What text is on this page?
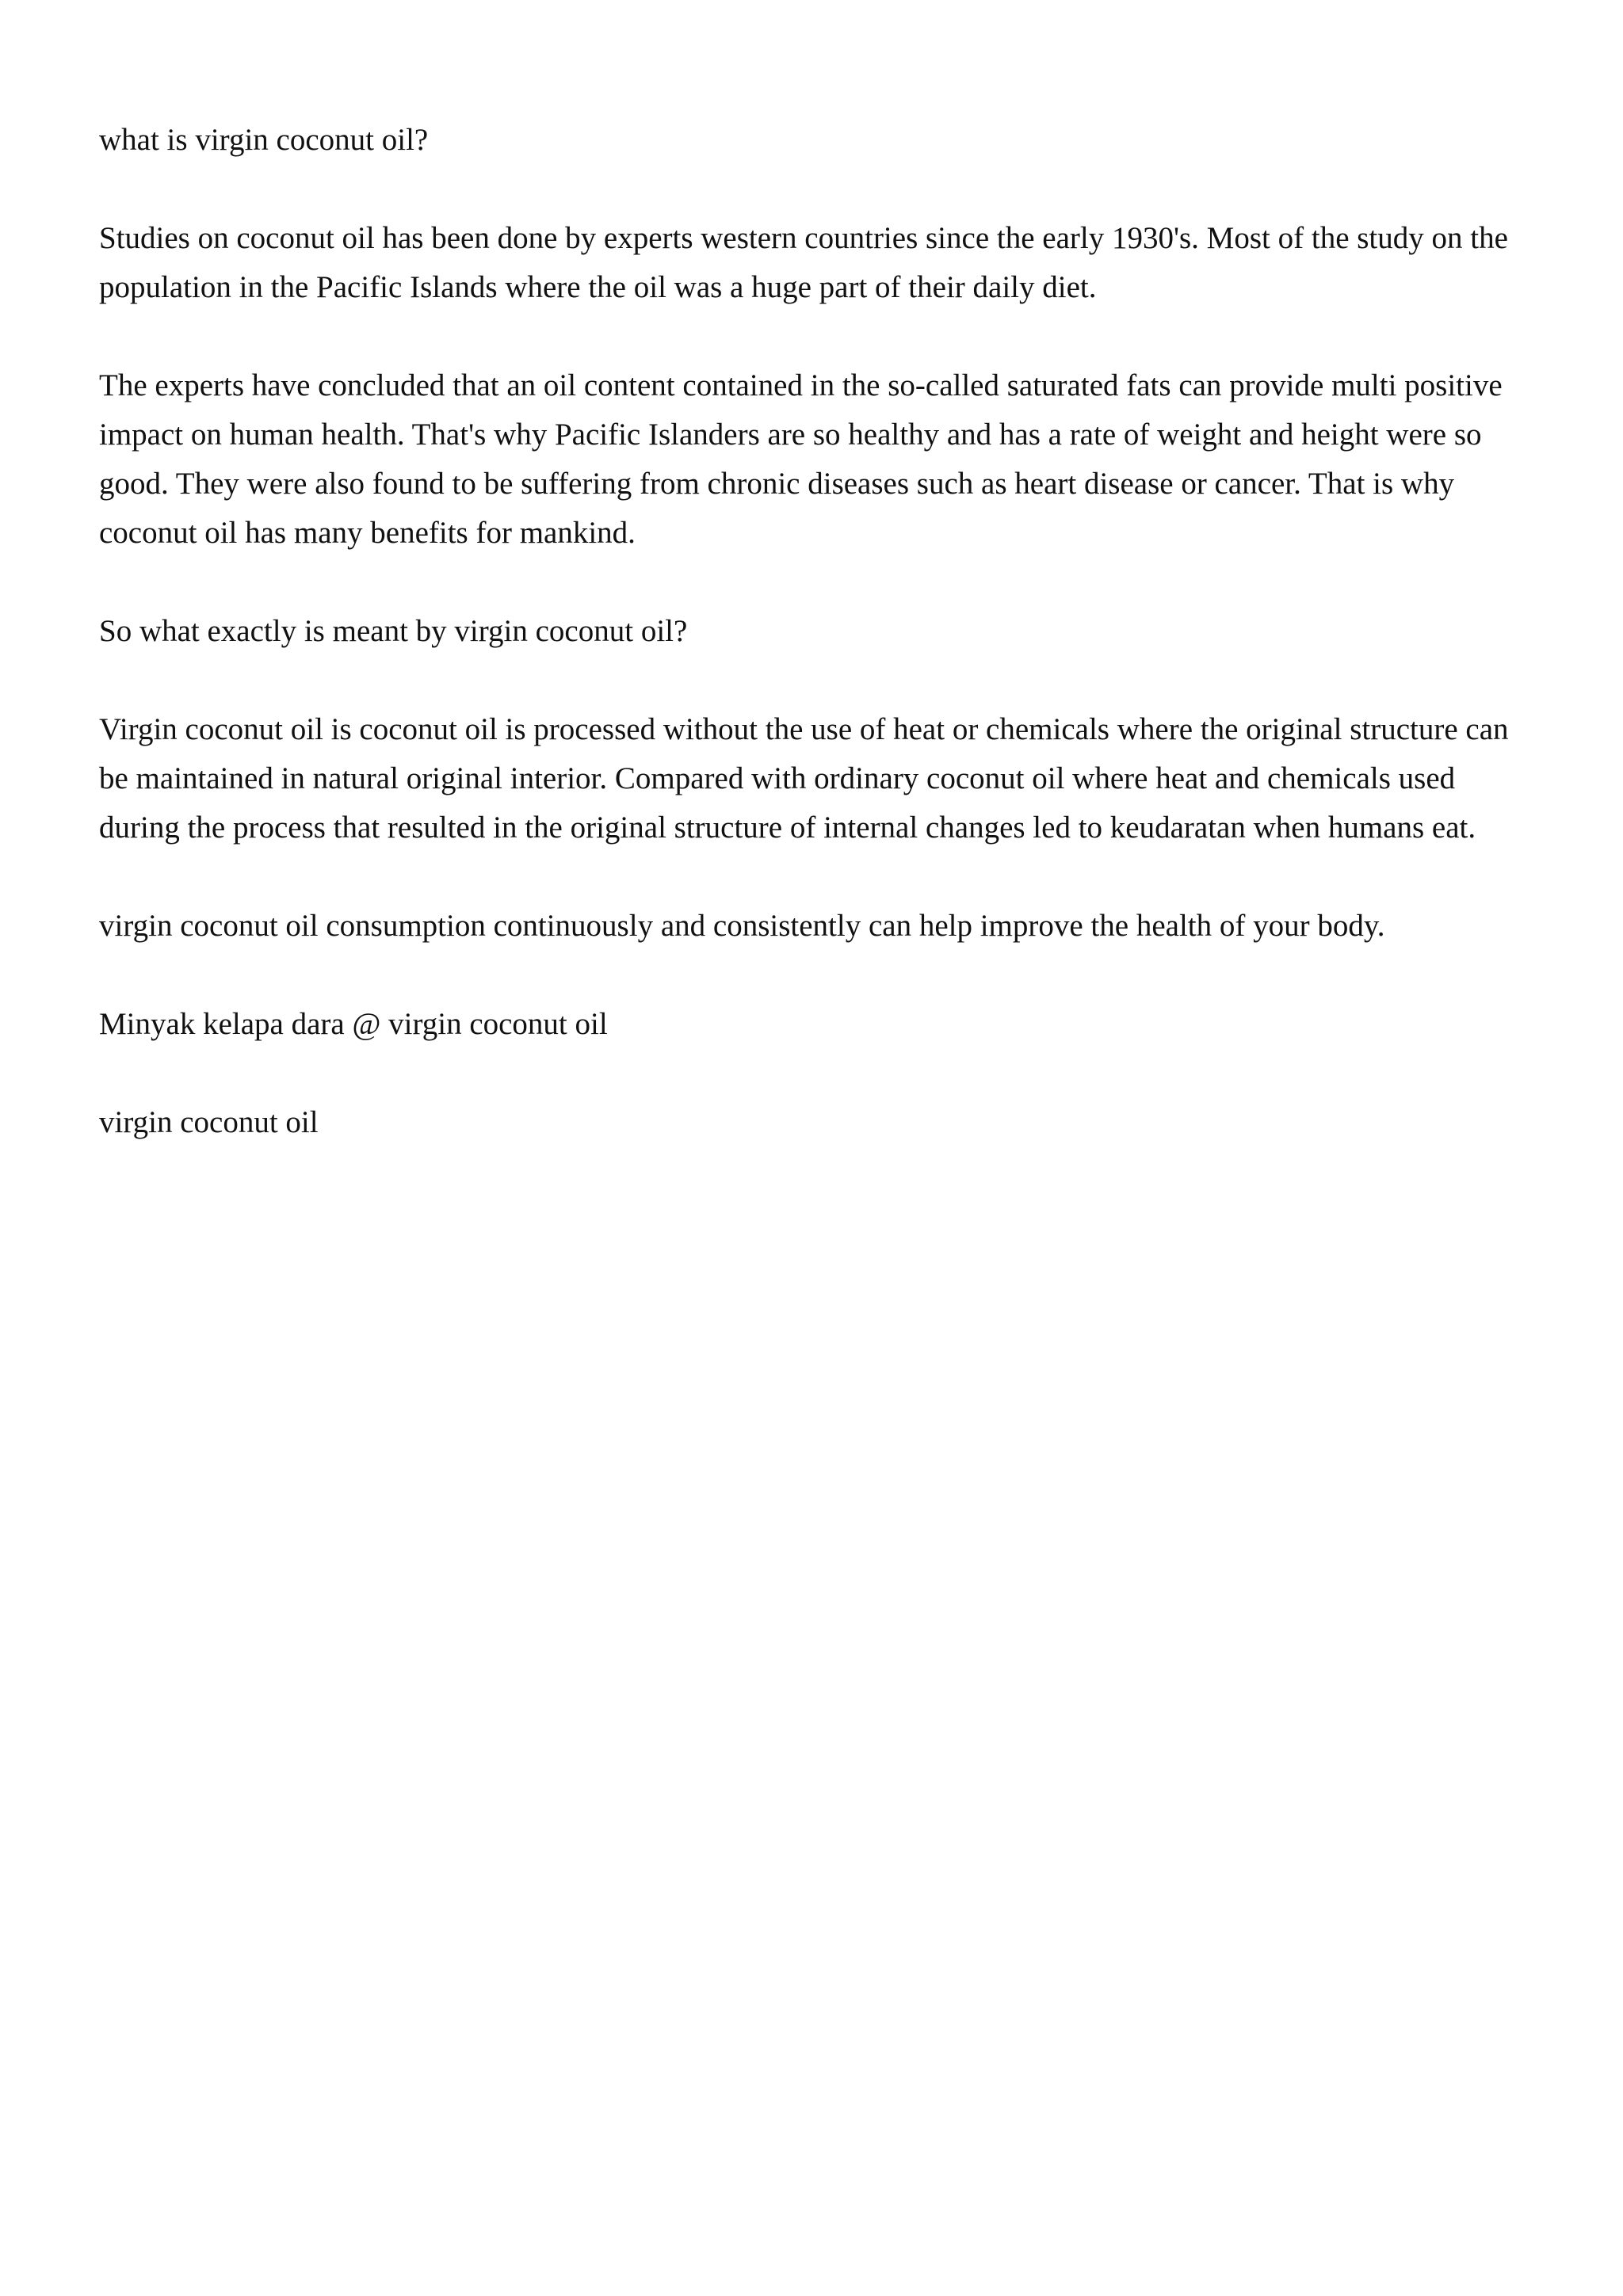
what is virgin coconut oil?

Studies on coconut oil has been done by experts western countries since the early 1930's. Most of the study on the population in the Pacific Islands where the oil was a huge part of their daily diet.

The experts have concluded that an oil content contained in the so-called saturated fats can provide multi positive impact on human health. That's why Pacific Islanders are so healthy and has a rate of weight and height were so good. They were also found to be suffering from chronic diseases such as heart disease or cancer. That is why coconut oil has many benefits for mankind.

So what exactly is meant by virgin coconut oil?

Virgin coconut oil is coconut oil is processed without the use of heat or chemicals where the original structure can be maintained in natural original interior. Compared with ordinary coconut oil where heat and chemicals used during the process that resulted in the original structure of internal changes led to keudaratan when humans eat.

virgin coconut oil consumption continuously and consistently can help improve the health of your body.

Minyak kelapa dara @ virgin coconut oil

virgin coconut oil
